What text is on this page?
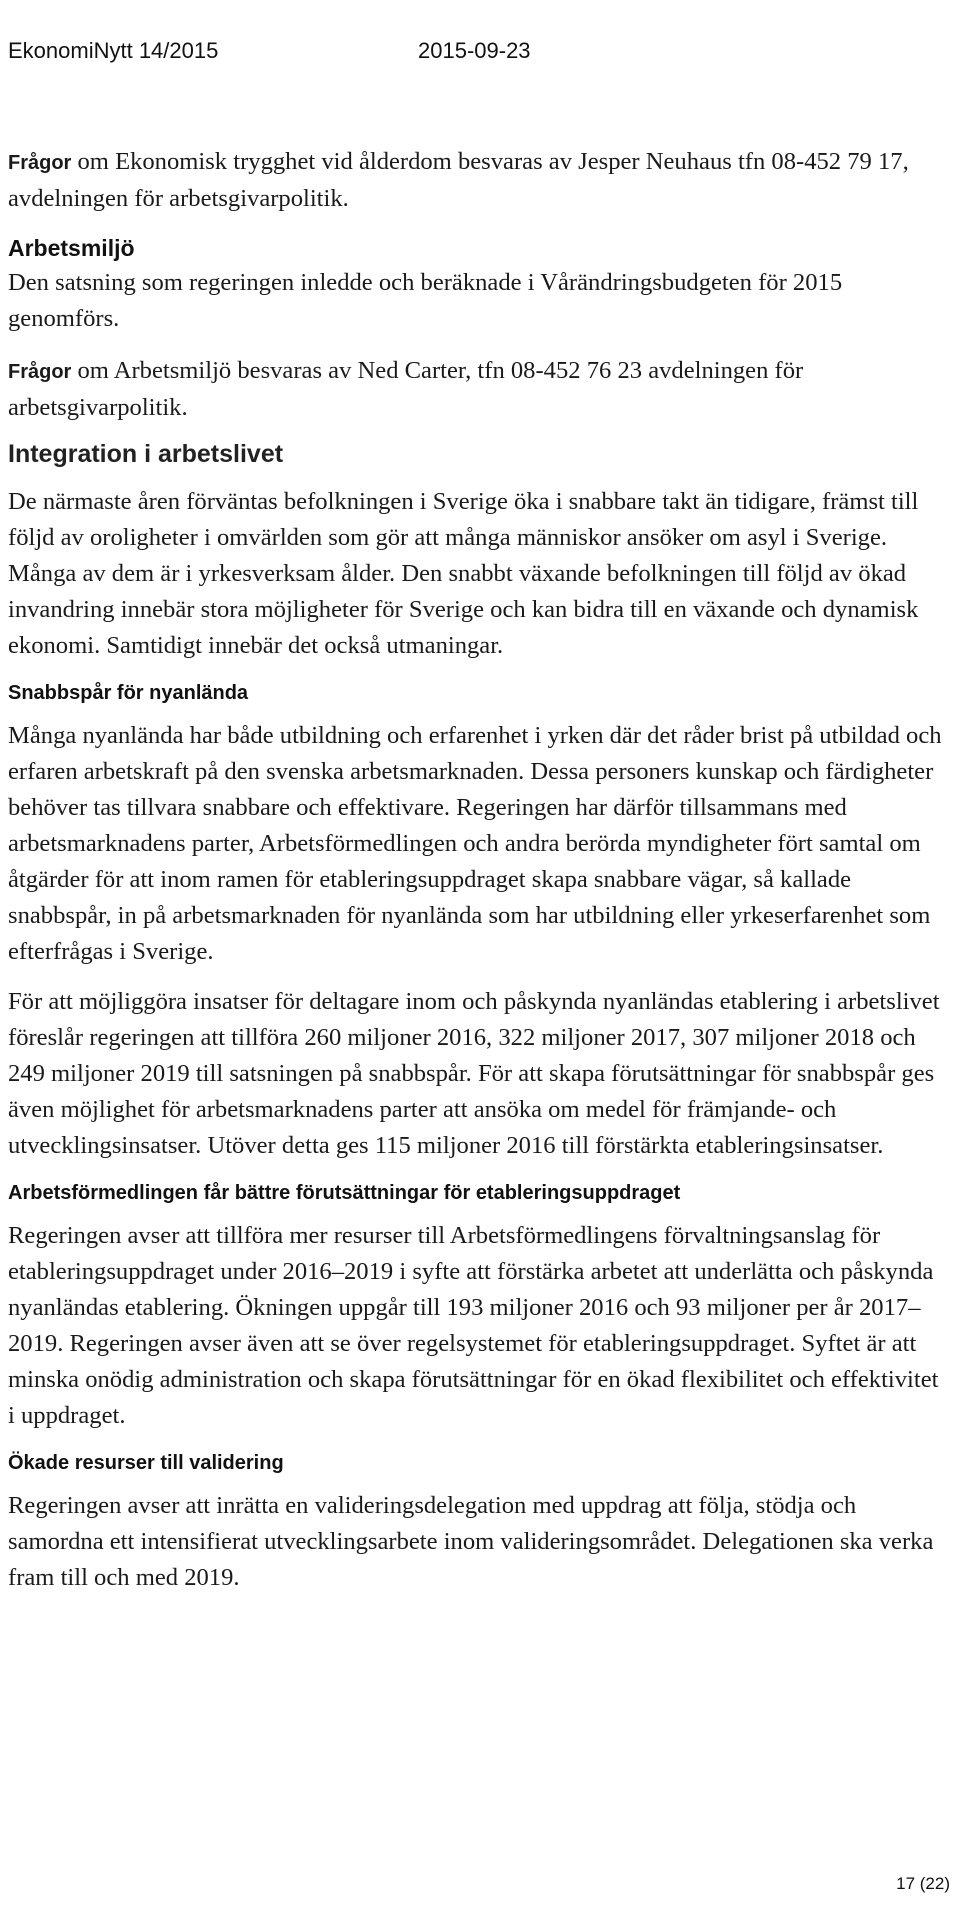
EkonomiNytt 14/2015	2015-09-23

Frågor om Ekonomisk trygghet vid ålderdom besvaras av Jesper Neuhaus tfn 08-452 79 17, avdelningen för arbetsgivarpolitik.

Arbetsmiljö

Den satsning som regeringen inledde och beräknade i Vårändringsbudgeten för 2015 genomförs.

Frågor om Arbetsmiljö besvaras av Ned Carter, tfn 08-452 76 23 avdelningen för arbetsgivarpolitik.

Integration i arbetslivet

De närmaste åren förväntas befolkningen i Sverige öka i snabbare takt än tidigare, främst till följd av oroligheter i omvärlden som gör att många människor ansöker om asyl i Sverige. Många av dem är i yrkesverksam ålder. Den snabbt växande befolkningen till följd av ökad invandring innebär stora möjligheter för Sverige och kan bidra till en växande och dynamisk ekonomi. Samtidigt innebär det också utmaningar.

Snabbspår för nyanlända

Många nyanlända har både utbildning och erfarenhet i yrken där det råder brist på utbildad och erfaren arbetskraft på den svenska arbetsmarknaden. Dessa personers kunskap och färdigheter behöver tas tillvara snabbare och effektivare. Regeringen har därför tillsammans med arbetsmarknadens parter, Arbetsförmedlingen och andra berörda myndigheter fört samtal om åtgärder för att inom ramen för etableringsuppdraget skapa snabbare vägar, så kallade snabbspår, in på arbetsmarknaden för nyanlända som har utbildning eller yrkeserfarenhet som efterfrågas i Sverige.

För att möjliggöra insatser för deltagare inom och påskynda nyanländas etablering i arbetslivet föreslår regeringen att tillföra 260 miljoner 2016, 322 miljoner 2017, 307 miljoner 2018 och 249 miljoner 2019 till satsningen på snabbspår. För att skapa förutsättningar för snabbspår ges även möjlighet för arbetsmarknadens parter att ansöka om medel för främjande- och utvecklingsinsatser. Utöver detta ges 115 miljoner 2016 till förstärkta etableringsinsatser.

Arbetsförmedlingen får bättre förutsättningar för etableringsuppdraget

Regeringen avser att tillföra mer resurser till Arbetsförmedlingens förvaltningsanslag för etableringsuppdraget under 2016–2019 i syfte att förstärka arbetet att underlätta och påskynda nyanländas etablering. Ökningen uppgår till 193 miljoner 2016 och 93 miljoner per år 2017–2019. Regeringen avser även att se över regelsystemet för etableringsuppdraget. Syftet är att minska onödig administration och skapa förutsättningar för en ökad flexibilitet och effektivitet i uppdraget.

Ökade resurser till validering

Regeringen avser att inrätta en valideringsdelegation med uppdrag att följa, stödja och samordna ett intensifierat utvecklingsarbete inom valideringsområdet. Delegationen ska verka fram till och med 2019.

17 (22)
